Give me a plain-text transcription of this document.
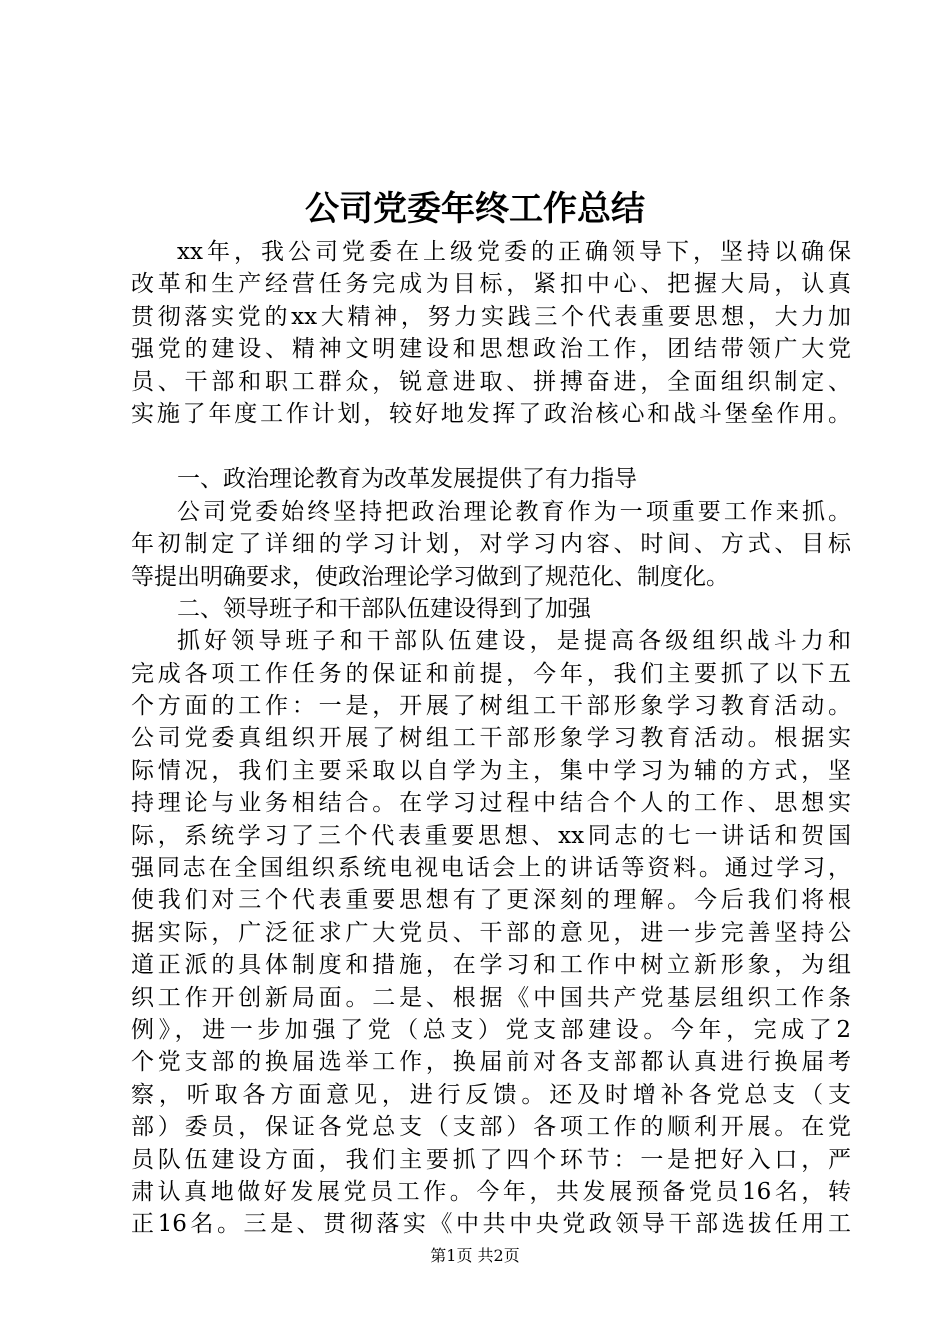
公司党委年终工作总结
xx年，我公司党委在上级党委的正确领导下，坚持以确保
改革和生产经营任务完成为目标，紧扣中心、把握大局，认真
贯彻落实党的xx大精神，努力实践三个代表重要思想，大力加
强党的建设、精神文明建设和思想政治工作，团结带领广大党
员、干部和职工群众，锐意进取、拼搏奋进，全面组织制定、
实施了年度工作计划，较好地发挥了政治核心和战斗堡垒作用。
一、政治理论教育为改革发展提供了有力指导
公司党委始终坚持把政治理论教育作为一项重要工作来抓。
年初制定了详细的学习计划，对学习内容、时间、方式、目标
等提出明确要求，使政治理论学习做到了规范化、制度化。
二、领导班子和干部队伍建设得到了加强
抓好领导班子和干部队伍建设，是提高各级组织战斗力和
完成各项工作任务的保证和前提，今年，我们主要抓了以下五
个方面的工作：一是，开展了树组工干部形象学习教育活动。
公司党委真组织开展了树组工干部形象学习教育活动。根据实
际情况，我们主要采取以自学为主，集中学习为辅的方式，坚
持理论与业务相结合。在学习过程中结合个人的工作、思想实
际，系统学习了三个代表重要思想、xx同志的七一讲话和贺国
强同志在全国组织系统电视电话会上的讲话等资料。通过学习，
使我们对三个代表重要思想有了更深刻的理解。今后我们将根
据实际，广泛征求广大党员、干部的意见，进一步完善坚持公
道正派的具体制度和措施，在学习和工作中树立新形象，为组
织工作开创新局面。二是、根据《中国共产党基层组织工作条
例》，进一步加强了党（总支）党支部建设。今年，完成了2
个党支部的换届选举工作，换届前对各支部都认真进行换届考
察，听取各方面意见，进行反馈。还及时增补各党总支（支
部）委员，保证各党总支（支部）各项工作的顺利开展。在党
员队伍建设方面，我们主要抓了四个环节：一是把好入口，严
肃认真地做好发展党员工作。今年，共发展预备党员16名，转
正16名。三是、贯彻落实《中共中央党政领导干部选拔任用工
第1页 共2页
